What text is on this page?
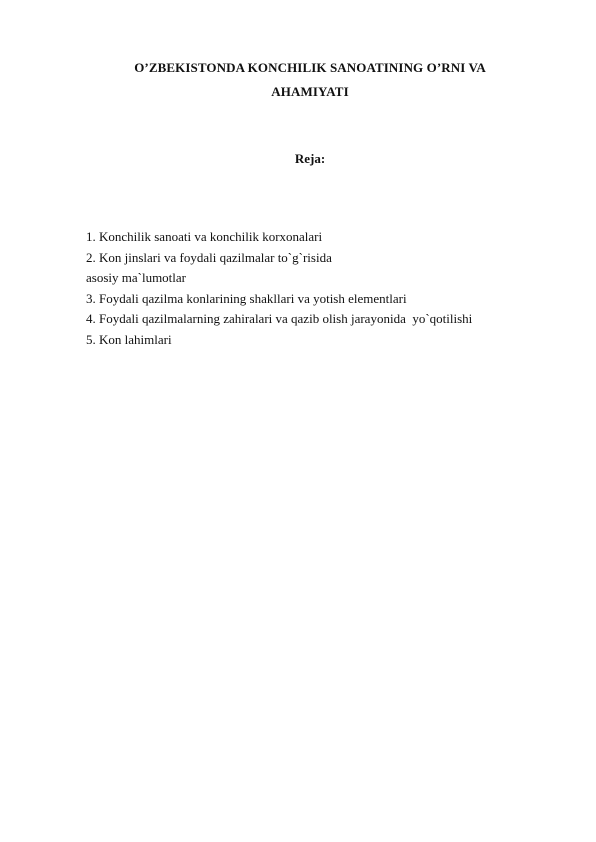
O’ZBEKISTONDA KONCHILIK SANOATINING O’RNI VA
AHAMIYATI
Reja:
1. Konchilik sanoati va konchilik korxonalari
2. Kon jinslari va foydali qazilmalar to`g`risida
asosiy ma`lumotlar
3. Foydali qazilma konlarining shakllari va yotish elementlari
4. Foydali qazilmalarning zahiralari va qazib olish jarayonida  yo`qotilishi
5. Kon lahimlari
